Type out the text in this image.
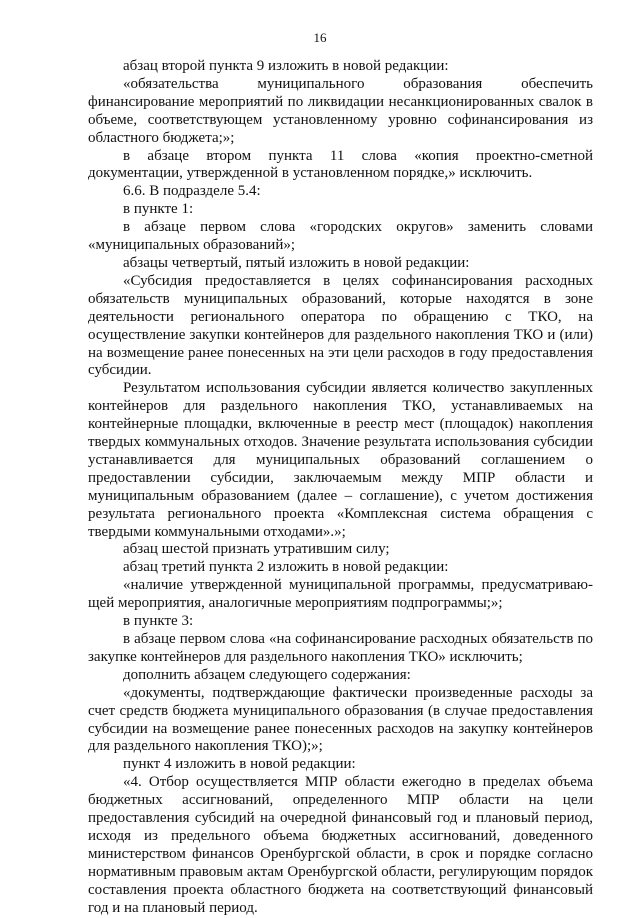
16

абзац второй пункта 9 изложить в новой редакции:

«обязательства муниципального образования обеспечить финансирование мероприятий по ликвидации несанкционированных свалок в объеме, соответствующем установленному уровню софинансирования из областного бюджета;»;

в абзаце втором пункта 11 слова «копия проектно-сметной документации, утвержденной в установленном порядке,» исключить.

6.6. В подразделе 5.4:

в пункте 1:

в абзаце первом слова «городских округов» заменить словами «муниципальных образований»;

абзацы четвертый, пятый изложить в новой редакции:

«Субсидия предоставляется в целях софинансирования расходных обязательств муниципальных образований, которые находятся в зоне деятельности регионального оператора по обращению с ТКО, на осуществление закупки контейнеров для раздельного накопления ТКО и (или) на возмещение ранее понесенных на эти цели расходов в году предоставления субсидии.

Результатом использования субсидии является количество закупленных контейнеров для раздельного накопления ТКО, устанавливаемых на контейнерные площадки, включенные в реестр мест (площадок) накопления твердых коммунальных отходов. Значение результата использования субсидии устанавливается для муниципальных образований соглашением о предоставлении субсидии, заключаемым между МПР области и муниципальным образованием (далее – соглашение), с учетом достижения результата регионального проекта «Комплексная система обращения с твердыми коммунальными отходами».»;

абзац шестой признать утратившим силу;

абзац третий пункта 2 изложить в новой редакции:

«наличие утвержденной муниципальной программы, предусматривающей мероприятия, аналогичные мероприятиям подпрограммы;»;

в пункте 3:

в абзаце первом слова «на софинансирование расходных обязательств по закупке контейнеров для раздельного накопления ТКО» исключить;

дополнить абзацем следующего содержания:

«документы, подтверждающие фактически произведенные расходы за счет средств бюджета муниципального образования (в случае предоставления субсидии на возмещение ранее понесенных расходов на закупку контейнеров для раздельного накопления ТКО);»;

пункт 4 изложить в новой редакции:

«4. Отбор осуществляется МПР области ежегодно в пределах объема бюджетных ассигнований, определенного МПР области на цели предоставления субсидий на очередной финансовый год и плановый период, исходя из предельного объема бюджетных ассигнований, доведенного министерством финансов Оренбургской области, в срок и порядке согласно нормативным правовым актам Оренбургской области, регулирующим порядок составления проекта областного бюджета на соответствующий финансовый год и на плановый период.
